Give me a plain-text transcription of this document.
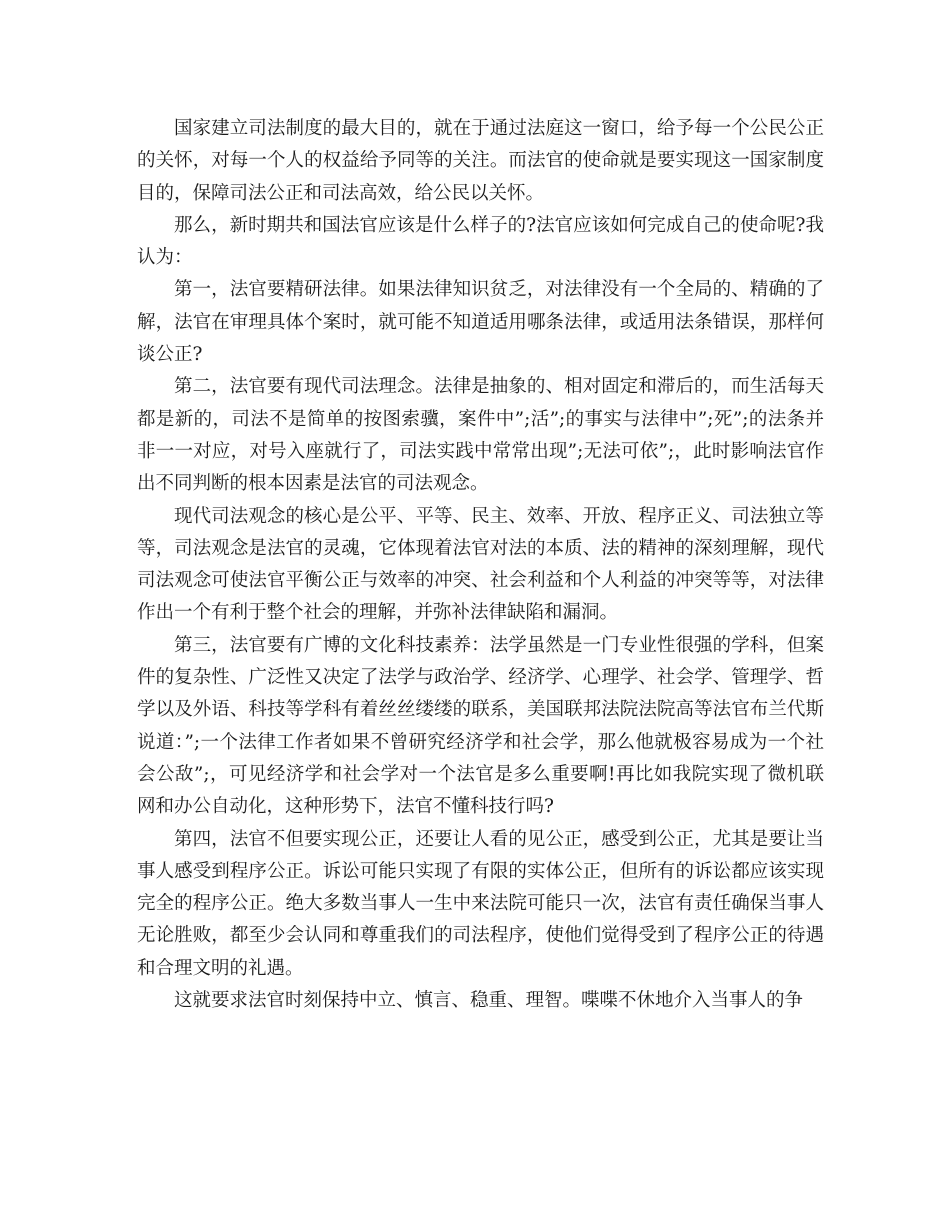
国家建立司法制度的最大目的，就在于通过法庭这一窗口，给予每一个公民公正的关怀，对每一个人的权益给予同等的关注。而法官的使命就是要实现这一国家制度目的，保障司法公正和司法高效，给公民以关怀。

那么，新时期共和国法官应该是什么样子的?法官应该如何完成自己的使命呢?我认为：

第一，法官要精研法律。如果法律知识贫乏，对法律没有一个全局的、精确的了解，法官在审理具体个案时，就可能不知道适用哪条法律，或适用法条错误，那样何谈公正?

第二，法官要有现代司法理念。法律是抽象的、相对固定和滞后的，而生活每天都是新的，司法不是简单的按图索骥，案件中”;活”;的事实与法律中”;死”;的法条并非一一对应，对号入座就行了，司法实践中常常出现”;无法可依”;，此时影响法官作出不同判断的根本因素是法官的司法观念。

现代司法观念的核心是公平、平等、民主、效率、开放、程序正义、司法独立等等，司法观念是法官的灵魂，它体现着法官对法的本质、法的精神的深刻理解，现代司法观念可使法官平衡公正与效率的冲突、社会利益和个人利益的冲突等等，对法律作出一个有利于整个社会的理解，并弥补法律缺陷和漏洞。

第三，法官要有广博的文化科技素养：法学虽然是一门专业性很强的学科，但案件的复杂性、广泛性又决定了法学与政治学、经济学、心理学、社会学、管理学、哲学以及外语、科技等学科有着丝丝缕缕的联系，美国联邦法院法院高等法官布兰代斯说道：”;一个法律工作者如果不曾研究经济学和社会学，那么他就极容易成为一个社会公敌”;，可见经济学和社会学对一个法官是多么重要啊!再比如我院实现了微机联网和办公自动化，这种形势下，法官不懂科技行吗?

第四，法官不但要实现公正，还要让人看的见公正，感受到公正，尤其是要让当事人感受到程序公正。诉讼可能只实现了有限的实体公正，但所有的诉讼都应该实现完全的程序公正。绝大多数当事人一生中来法院可能只一次，法官有责任确保当事人无论胜败，都至少会认同和尊重我们的司法程序，使他们觉得受到了程序公正的待遇和合理文明的礼遇。

这就要求法官时刻保持中立、慎言、稳重、理智。喋喋不休地介入当事人的争
